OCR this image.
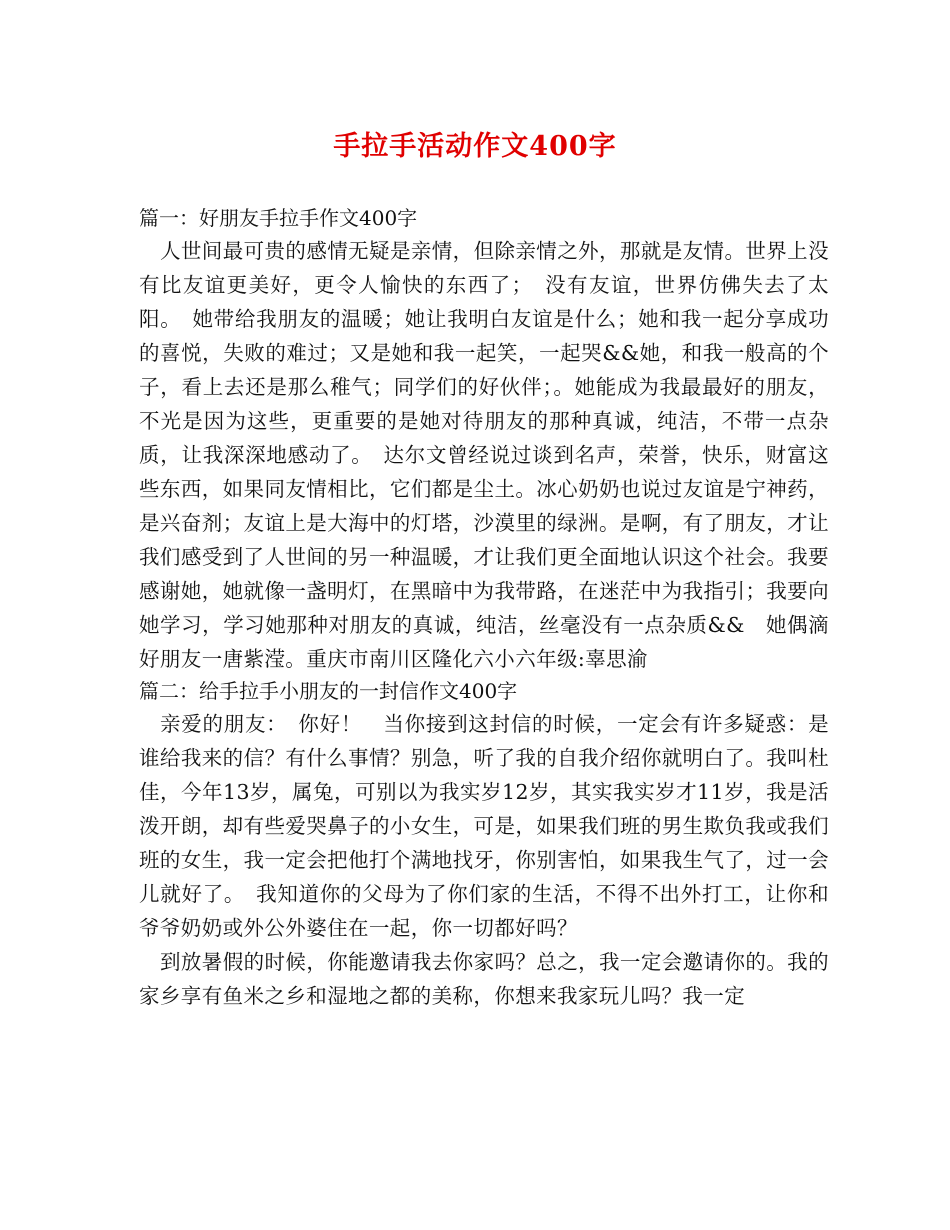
手拉手活动作文400字

篇一：好朋友手拉手作文400字

人世间最可贵的感情无疑是亲情，但除亲情之外，那就是友情。世界上没有比友谊更美好，更令人愉快的东西了；　没有友谊，世界仿佛失去了太阳。　她带给我朋友的温暖；她让我明白友谊是什么；她和我一起分享成功的喜悦，失败的难过；又是她和我一起笑，一起哭&&她，和我一般高的个子，看上去还是那么稚气；同学们的好伙伴；。她能成为我最最好的朋友，不光是因为这些，更重要的是她对待朋友的那种真诚，纯洁，不带一点杂质，让我深深地感动了。　达尔文曾经说过谈到名声，荣誉，快乐，财富这些东西，如果同友情相比，它们都是尘土。冰心奶奶也说过友谊是宁神药，是兴奋剂；友谊上是大海中的灯塔，沙漠里的绿洲。是啊，有了朋友，才让我们感受到了人世间的另一种温暖，才让我们更全面地认识这个社会。我要感谢她，她就像一盏明灯，在黑暗中为我带路，在迷茫中为我指引；我要向她学习，学习她那种对朋友的真诚，纯洁，丝毫没有一点杂质&&　她偶滴好朋友一唐紫滢。重庆市南川区隆化六小六年级:辜思渝

篇二：给手拉手小朋友的一封信作文400字

亲爱的朋友：　你好！　当你接到这封信的时候，一定会有许多疑惑：是谁给我来的信？有什么事情？别急，听了我的自我介绍你就明白了。我叫杜佳，今年13岁，属兔，可别以为我实岁12岁，其实我实岁才11岁，我是活泼开朗，却有些爱哭鼻子的小女生，可是，如果我们班的男生欺负我或我们班的女生，我一定会把他打个满地找牙，你别害怕，如果我生气了，过一会儿就好了。　我知道你的父母为了你们家的生活，不得不出外打工，让你和爷爷奶奶或外公外婆住在一起，你一切都好吗？

到放暑假的时候，你能邀请我去你家吗？总之，我一定会邀请你的。我的家乡享有鱼米之乡和湿地之都的美称，你想来我家玩儿吗？我一定
